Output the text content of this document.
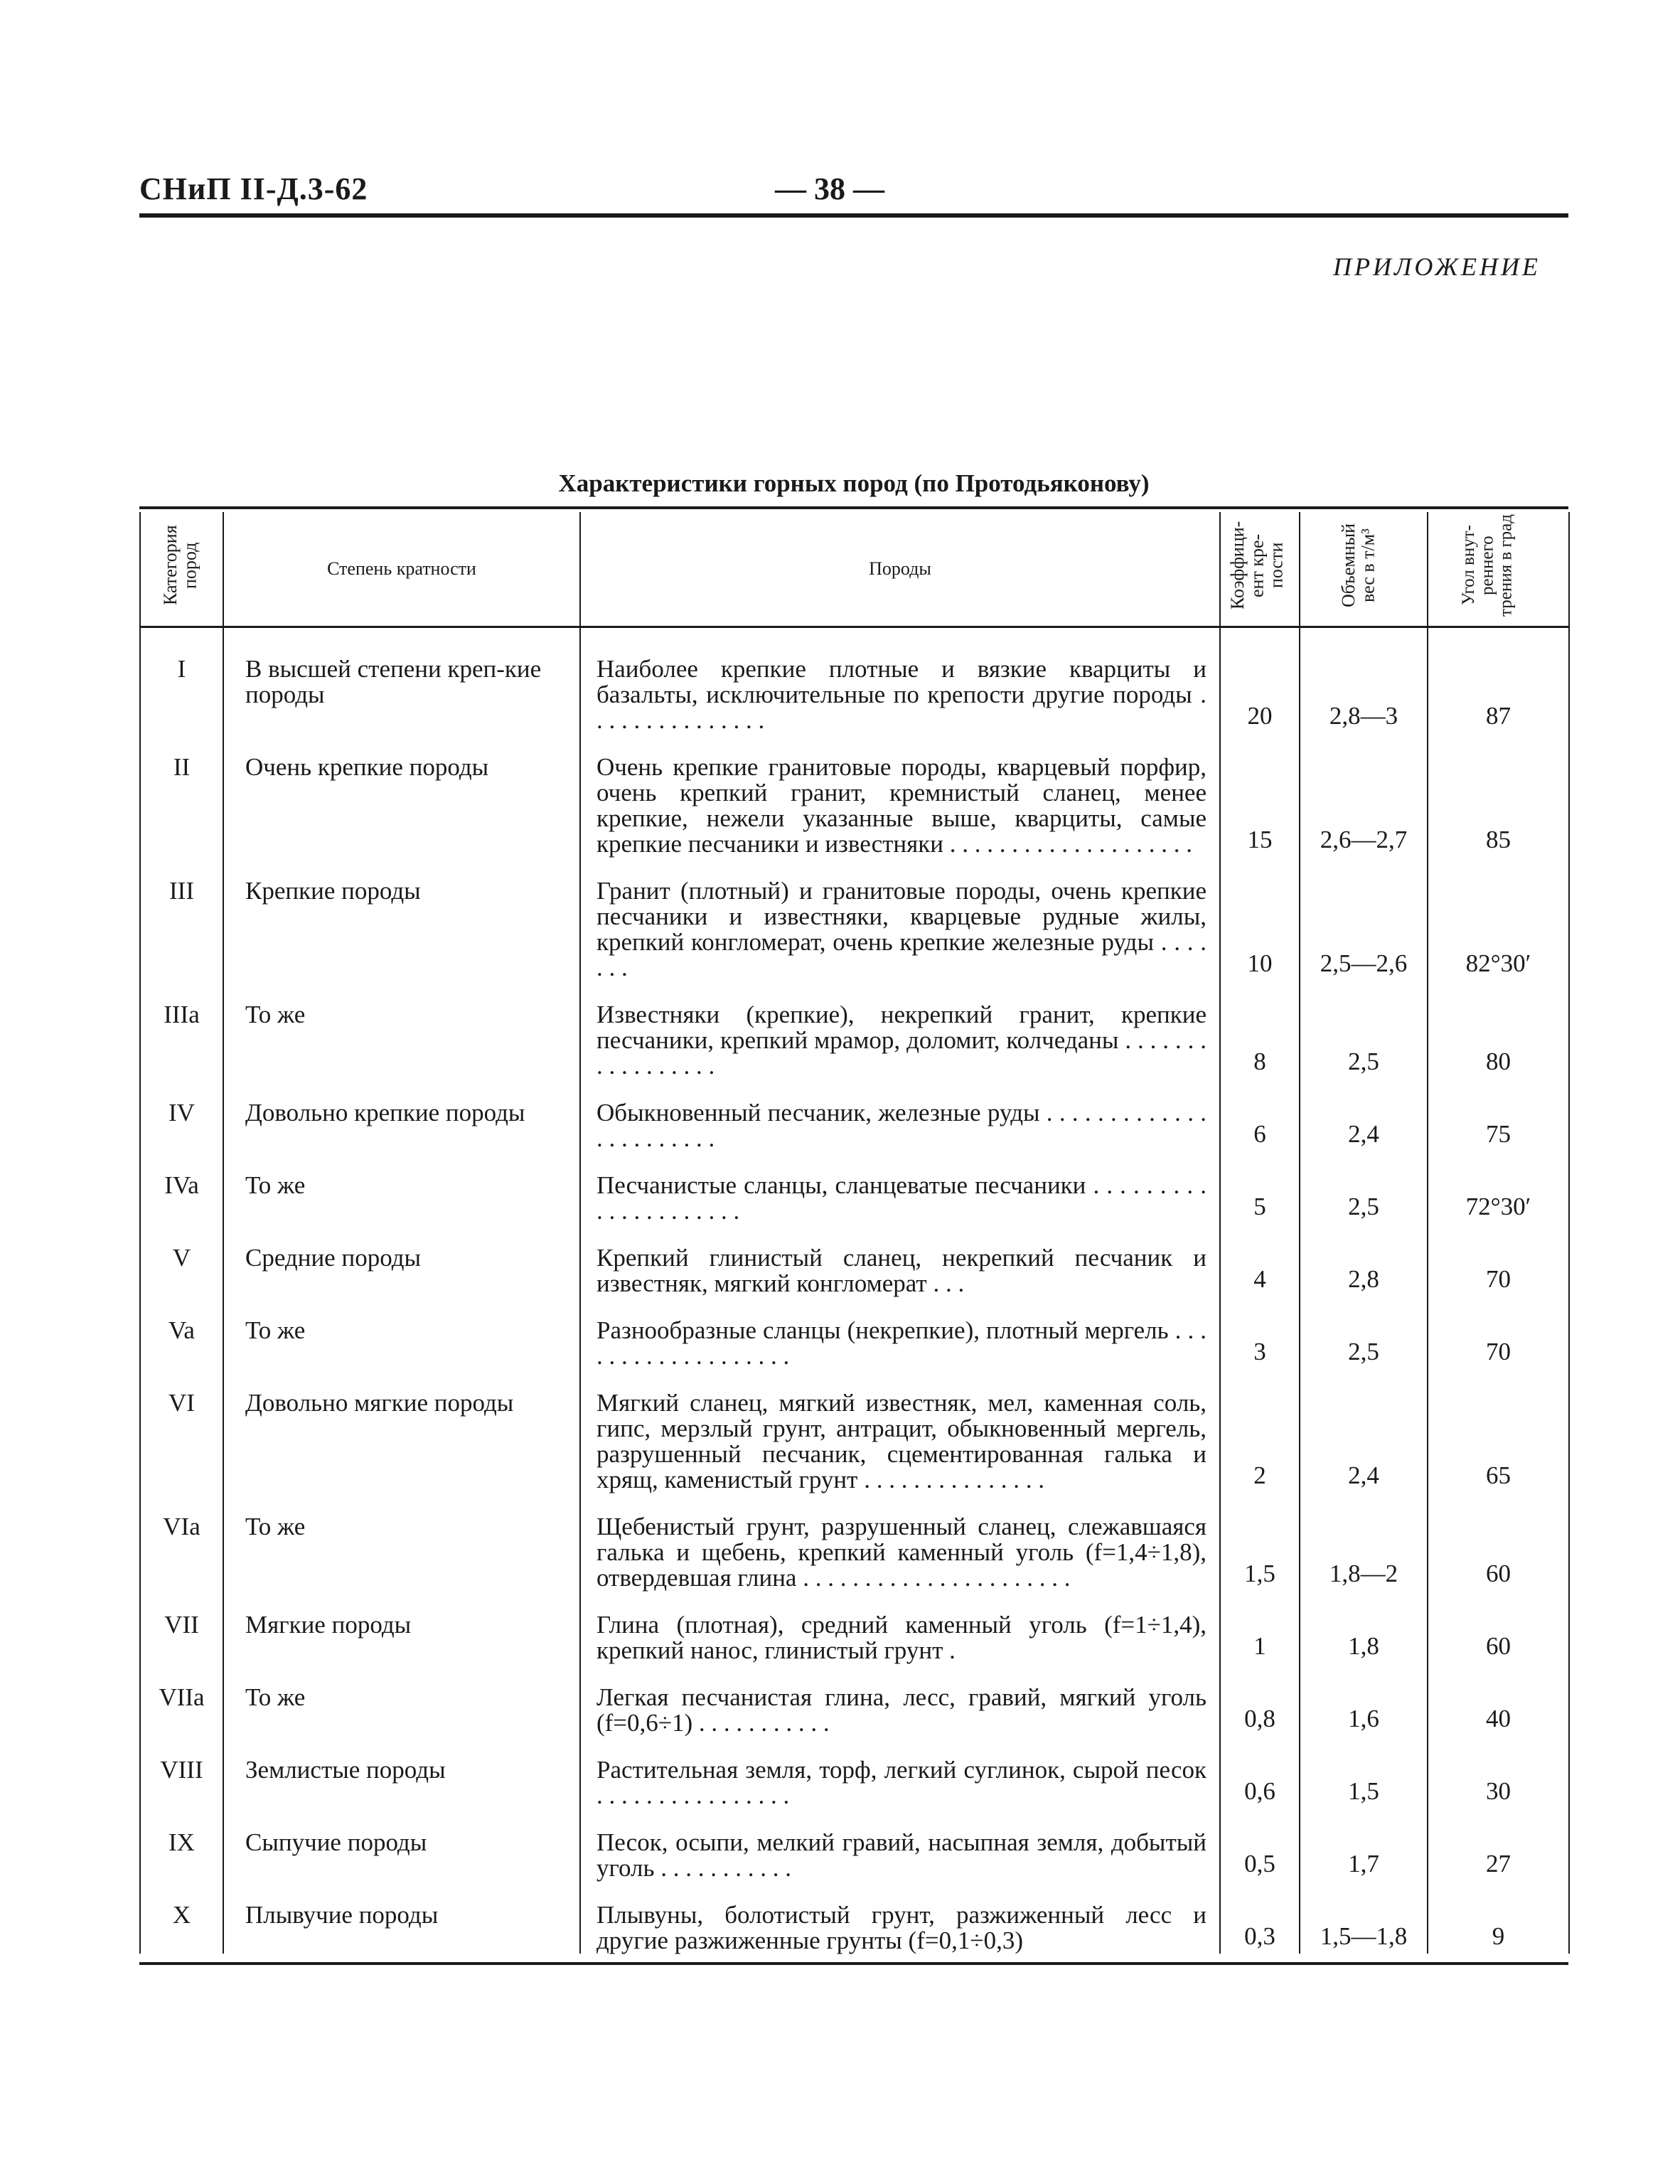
СНиП II-Д.3-62	— 38 —
ПРИЛОЖЕНИЕ
Характеристики горных пород (по Протодьяконову)
Категория пород	Степень кратности	Породы	Коэффици- ент кре- пости	Объемный вес в т/м³	Угол внут- реннего трения в град

I	В высшей степени креп-кие породы	Наиболее крепкие плотные и вязкие кварциты и базальты, исключительные по крепости другие породы . . . . . . . . . . . . . . .	20	2,8—3	87
II	Очень крепкие породы	Очень крепкие гранитовые породы, кварцевый порфир, очень крепкий гранит, кремнистый сланец, менее крепкие, нежели указанные выше, кварциты, самые крепкие песчаники и известняки . . . . . . . . . . . . . . . . . . . .	15	2,6—2,7	85
III	Крепкие породы	Гранит (плотный) и гранитовые породы, очень крепкие песчаники и известняки, кварцевые рудные жилы, крепкий конгломерат, очень крепкие железные руды . . . . . . .	10	2,5—2,6	82°30′
IIIa	То же	Известняки (крепкие), некрепкий гранит, крепкие песчаники, крепкий мрамор, доломит, колчеданы . . . . . . . . . . . . . . . . .	8	2,5	80
IV	Довольно крепкие породы	Обыкновенный песчаник, железные руды . . . . . . . . . . . . . . . . . . . . . . .	6	2,4	75
IVa	То же	Песчанистые сланцы, сланцеватые песчаники . . . . . . . . . . . . . . . . . . . . .	5	2,5	72°30′
V	Средние породы	Крепкий глинистый сланец, некрепкий песчаник и известняк, мягкий конгломерат . . .	4	2,8	70
Va	То же	Разнообразные сланцы (некрепкие), плотный мергель . . . . . . . . . . . . . . . . . . .	3	2,5	70
VI	Довольно мягкие породы	Мягкий сланец, мягкий известняк, мел, каменная соль, гипс, мерзлый грунт, антрацит, обыкновенный мергель, разрушенный песчаник, сцементированная галька и хрящ, каменистый грунт . . . . . . . . . . . . . . .	2	2,4	65
VIa	То же	Щебенистый грунт, разрушенный сланец, слежавшаяся галька и щебень, крепкий каменный уголь (f=1,4÷1,8), отвердевшая глина . . . . . . . . . . . . . . . . . . . . . .	1,5	1,8—2	60
VII	Мягкие породы	Глина (плотная), средний каменный уголь (f=1÷1,4), крепкий нанос, глинистый грунт .	1	1,8	60
VIIa	То же	Легкая песчанистая глина, лесс, гравий, мягкий уголь (f=0,6÷1) . . . . . . . . . . .	0,8	1,6	40
VIII	Землистые породы	Растительная земля, торф, легкий суглинок, сырой песок . . . . . . . . . . . . . . . .	0,6	1,5	30
IX	Сыпучие породы	Песок, осыпи, мелкий гравий, насыпная земля, добытый уголь . . . . . . . . . . .	0,5	1,7	27
X	Плывучие породы	Плывуны, болотистый грунт, разжиженный лесс и другие разжиженные грунты (f=0,1÷0,3)	0,3	1,5—1,8	9
